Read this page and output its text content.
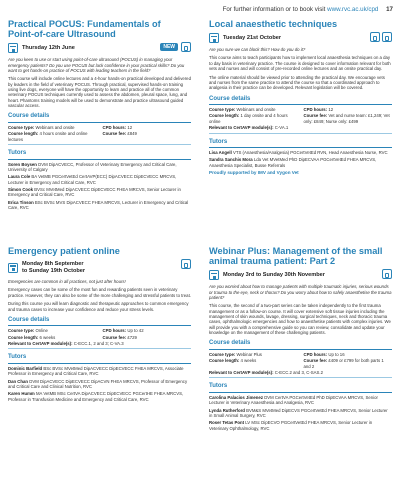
For further information or to book visit www.rvc.ac.uk/cpd 17
Practical POCUS: Fundamentals of
Point-of-care Ultrasound
Thursday 12th June	NEW

Are you keen to use or start using point-of-care ultrasound (POCUS) in managing your emergency patients? Do you use POCUS but lack confidence in your practical skills? Do you want to get hands-on practice of POCUS with leading teachers in the field?

This course will include online lectures and a 4-hour hands-on practical developed and delivered by leaders in the field of veterinary POCUS. Through practical, supervised hands-on training using live dogs, everyone will have the opportunity to learn and practice all of the common veterinary POCUS techniques currently used to assess the abdomen, pleural space, lung, and heart. Phantoms training models will be used to demonstrate and practice ultrasound guided vascular access.

Course details
Course type: Webinars and onsite	CPD hours: 12
Course length: 4 hours onsite and online lectures
Course fee: £849
Tutors
Soren Boysen DVM DipACVECC, Professor of Veterinary Emergency and Critical Care, University of Calgary
Laura Cole BA VetMB PGCertVetEd CertAVP(ECC) DipACVECC DipECVECC MRCVS, Lecturer in Emergency and Critical Care, RVC
Simon Cook BVSc MVetMed DipACVECC DipECVECC FHEA MRCVS, Senior Lecturer in Emergency and Critical Care, RVC
Erica Tinson BSc BVSc MVS DipACVECC FHEA MRCVS, Lecturer in Emergency and Critical Care, RVC
Local anaesthetic techniques
Tuesday 21st October

Are you sure we can block this? How do you do it?

This course aims to teach participants how to implement local anaesthesia techniques on a day to day basis in veterinary practice. The course is designed to cover information relevant for both vets and nurses and will consist of pre-recorded online lectures and an onsite practical day.

The online material should be viewed prior to attending the practical day. We encourage vets and nurses from the same practice to attend the course so that a coordinated approach to analgesia in their practice can be developed. Relevant legislation will be covered.

Course details
Course type: Webinars and onsite	CPD hours: 12
Course length: 1 day onsite and 4 hours online
Course fee: Vet and nurse team: £1,249; Vet only: £849; Nurse only: £499
Relevant to CertAVP module(s): C-VA.1
Tutors
Lisa Angell VTS (Anaesthesia/Analgesia) PGCertVetEd RVN, Head Anaesthesia Nurse, RVC
Sandra Sanchis Mora Lda Vet MVetMed PhD DipECVAA PGCertVetEd FHEA MRCVS, Anaesthesia Specialist, Busse Referrals
Proudly supported by IMV and Vygon Vet
Emergency patient online
Monday 8th September
to Sunday 19th October

Emergencies are common in all practices, not just after hours!

Emergency cases can be some of the most fun and rewarding patients seen in veterinary practice. However, they can also be some of the more challenging and stressful patients to treat.

During this course you will learn diagnostic and therapeutic approaches to common emergency and trauma cases to increase your confidence and reduce your stress levels.

Course details
Course type: Online	CPD hours: Up to 42
Course length: 6 weeks	Course fee: £729
Relevant to CertAVP module(s): C-ECC.1, 2 and 3; C-VA.3
Tutors
Dominic Barfield BSc BVSc MVetMed DipACVECC DipECVECC FHEA MRCVS, Associate Professor in Emergency and Critical Care, RVC
Dan Chan DVM DipACVECC DipECVECC DipACVN FHEA MRCVS, Professor of Emergency and Critical Care and Clinical Nutrition, RVC
Karen Humm MA VetMB MSc CertVA DipACVECC DipECVECC PGCertHE FHEA MRCVS, Professor in Transfusion Medicine and Emergency and Critical Care, RVC
Webinar Plus: Management of the small
animal trauma patient: Part 2
Monday 3rd to Sunday 30th November

Are you worried about how to manage patients with multiple traumatic injuries, serious wounds or trauma to the eye, neck or thorax? Do you worry about how to safely anaesthetise the trauma patient?

This course, the second of a two-part series can be taken independently to the first trauma management or as a follow-on course. It will cover extensive soft tissue injuries including the management of skin wounds, lavage, dressing, surgical techniques, neck and thoracic trauma cases, ophthalmologic emergencies and how to anaesthetise patients with complex injuries. We will provide you with a comprehensive guide so you can review, consolidate and update your knowledge on the management of these challenging patients.

Course details
Course type: Webinar Plus	CPD hours: Up to 16
Course length: 4 weeks	Course fee: £409 or £799 for both parts 1 and 2
Relevant to CertAVP module(s): C-ECC.2 and 3, C-SAS.2
Tutors
Carolina Palacios Jimenez DVM CertVA PGCertVetEd PhD DipECVAA MRCVS, Senior Lecturer in Veterinary Anaesthesia and Analgesia, RVC
Lynda Rutherford BVM&S MVetMed DipECVS PGCertVetEd FHEA MRCVS, Senior Lecturer in Small Animal Surgery, RVC
Roser Tetas Pont LV MSc DipECVO PGCertVetEd FHEA MRCVS, Senior Lecturer in Veterinary Ophthalmology, RVC
